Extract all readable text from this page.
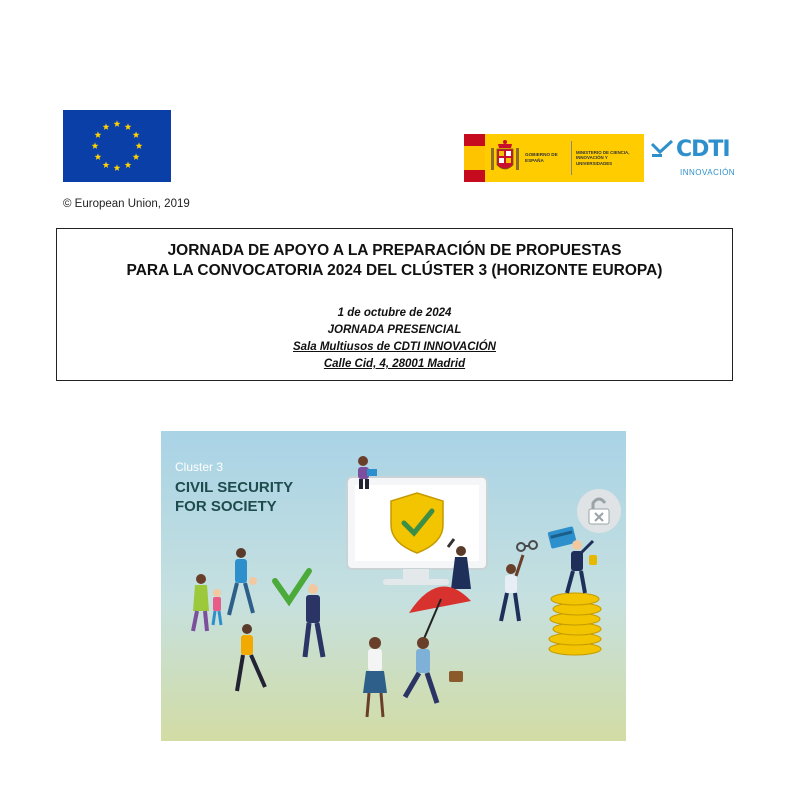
© European Union, 2019
GOBIERNO DE ESPAÑA
MINISTERIO DE CIENCIA, INNOVACIÓN Y UNIVERSIDADES
CDTI
INNOVACIÓN
JORNADA DE APOYO A LA PREPARACIÓN DE PROPUESTAS
PARA LA CONVOCATORIA 2024 DEL CLÚSTER 3 (HORIZONTE EUROPA)
1 de octubre de 2024
JORNADA PRESENCIAL
Sala Multiusos de CDTI INNOVACIÓN
Calle Cid, 4, 28001 Madrid
Cluster 3
CIVIL SECURITY
FOR SOCIETY
